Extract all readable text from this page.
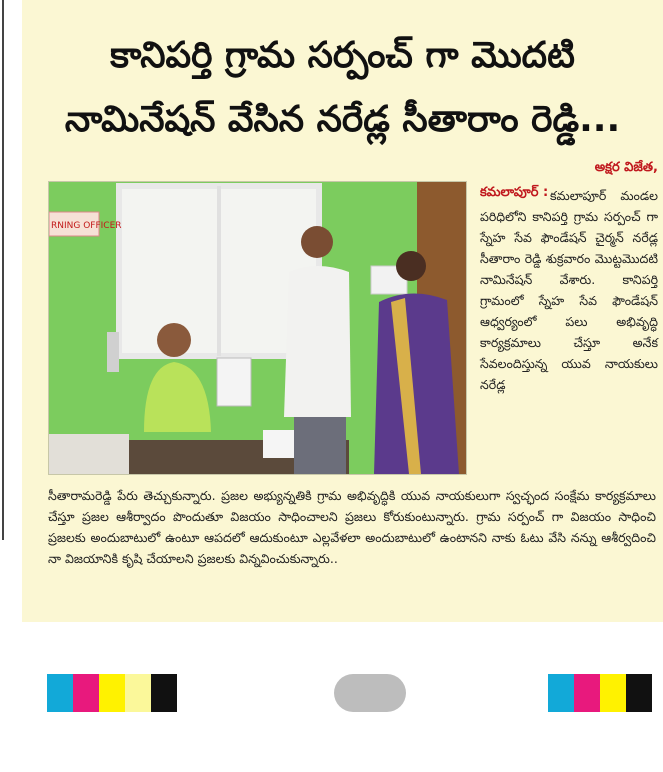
కానిపర్తి గ్రామ సర్పంచ్ గా మొదటి
నామినేషన్ వేసిన నరేడ్ల సీతారాం రెడ్డి...
RNING OFFICER
అక్షర విజేత,
కమలాపూర్ : కమలాపూర్ మండల పరిధిలోని కానిపర్తి గ్రామ సర్పంచ్ గా స్నేహ సేవ ఫౌండేషన్ చైర్మన్ నరేడ్ల సీతారాం రెడ్డి శుక్రవారం మొట్టమొదటి నామినేషన్ వేశారు. కానిపర్తి గ్రామంలో స్నేహ సేవ ఫౌండేషన్ ఆధ్వర్యంలో పలు అభివృద్ధి కార్యక్రమాలు చేస్తూ అనేక సేవలందిస్తున్న యువ నాయకులు నరేడ్ల
సీతారామరెడ్డి పేరు తెచ్చుకున్నారు. ప్రజల అభ్యున్నతికి గ్రామ అభివృద్ధికి యువ నాయకులుగా స్వచ్ఛంద సంక్షేమ కార్యక్రమాలు చేస్తూ ప్రజల ఆశీర్వాదం పొందుతూ విజయం సాధించాలని ప్రజలు కోరుకుంటున్నారు. గ్రామ సర్పంచ్ గా విజయం సాధించి ప్రజలకు అందుబాటులో ఉంటూ ఆపదలో ఆదుకుంటూ ఎల్లవేళలా అందుబాటులో ఉంటానని నాకు ఓటు వేసి నన్ను ఆశీర్వదించి నా విజయానికి కృషి చేయాలని ప్రజలకు విన్నవించుకున్నారు..
